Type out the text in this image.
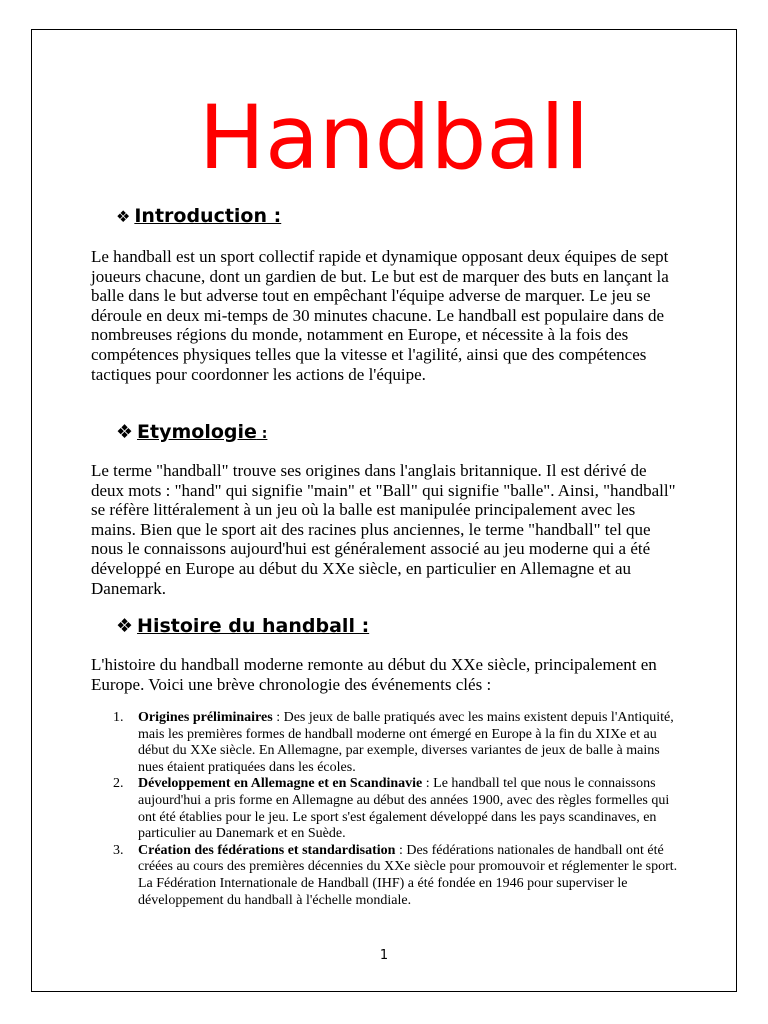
Handball
❖ Introduction :

Le handball est un sport collectif rapide et dynamique opposant deux équipes de sept joueurs chacune, dont un gardien de but. Le but est de marquer des buts en lançant la balle dans le but adverse tout en empêchant l'équipe adverse de marquer. Le jeu se déroule en deux mi-temps de 30 minutes chacune. Le handball est populaire dans de nombreuses régions du monde, notamment en Europe, et nécessite à la fois des compétences physiques telles que la vitesse et l'agilité, ainsi que des compétences tactiques pour coordonner les actions de l'équipe.

❖ Etymologie :

Le terme "handball" trouve ses origines dans l'anglais britannique. Il est dérivé de deux mots : "hand" qui signifie "main" et "Ball" qui signifie "balle". Ainsi, "handball" se réfère littéralement à un jeu où la balle est manipulée principalement avec les mains. Bien que le sport ait des racines plus anciennes, le terme "handball" tel que nous le connaissons aujourd'hui est généralement associé au jeu moderne qui a été développé en Europe au début du XXe siècle, en particulier en Allemagne et au Danemark.

❖ Histoire du handball :

L'histoire du handball moderne remonte au début du XXe siècle, principalement en Europe. Voici une brève chronologie des événements clés :

1. Origines préliminaires : Des jeux de balle pratiqués avec les mains existent depuis l'Antiquité, mais les premières formes de handball moderne ont émergé en Europe à la fin du XIXe et au début du XXe siècle. En Allemagne, par exemple, diverses variantes de jeux de balle à mains nues étaient pratiquées dans les écoles.
2. Développement en Allemagne et en Scandinavie : Le handball tel que nous le connaissons aujourd'hui a pris forme en Allemagne au début des années 1900, avec des règles formelles qui ont été établies pour le jeu. Le sport s'est également développé dans les pays scandinaves, en particulier au Danemark et en Suède.
3. Création des fédérations et standardisation : Des fédérations nationales de handball ont été créées au cours des premières décennies du XXe siècle pour promouvoir et réglementer le sport. La Fédération Internationale de Handball (IHF) a été fondée en 1946 pour superviser le développement du handball à l'échelle mondiale.
1
